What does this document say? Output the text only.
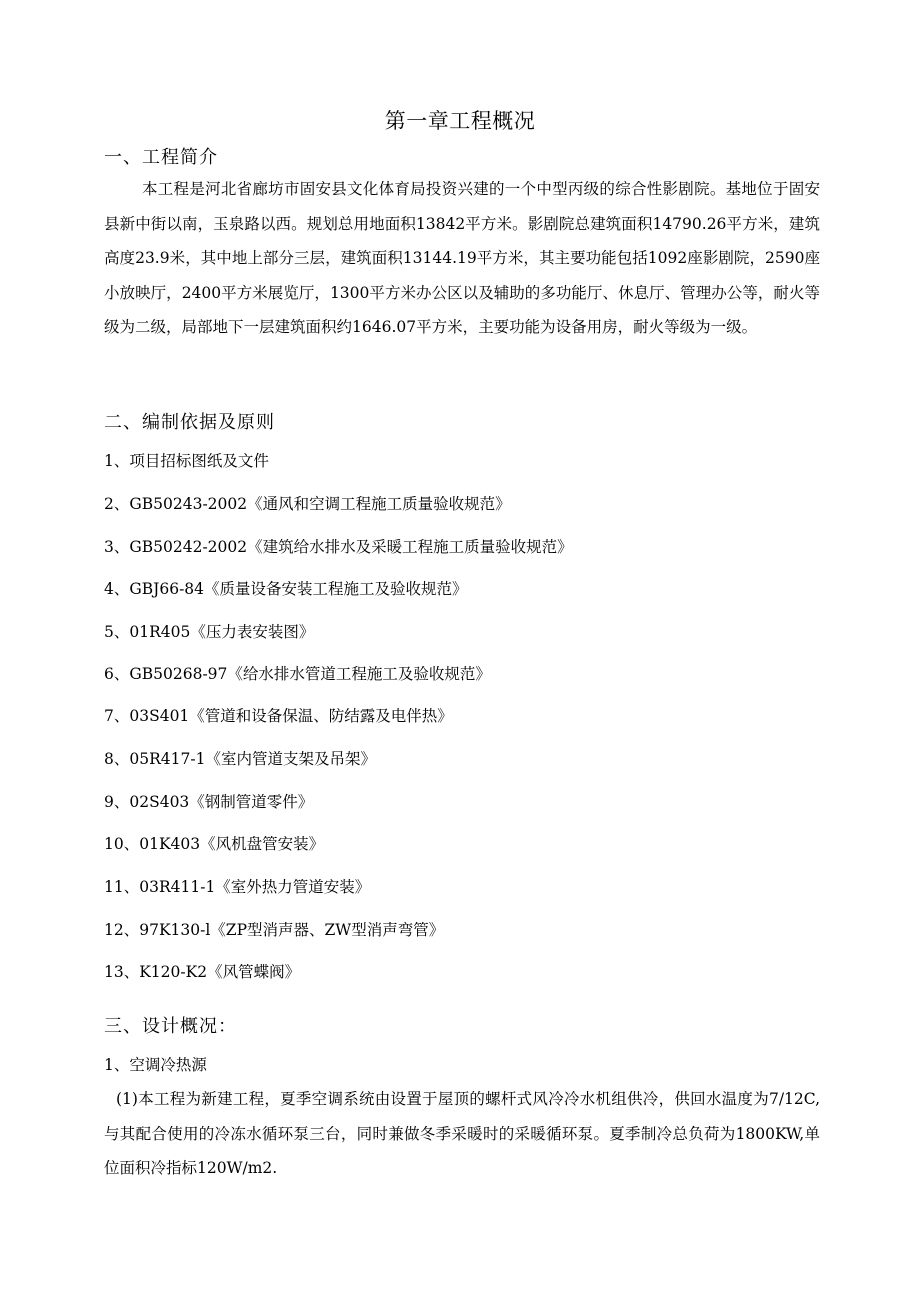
第一章工程概况
一、工程简介

本工程是河北省廊坊市固安县文化体育局投资兴建的一个中型丙级的综合性影剧院。基地位于固安县新中街以南，玉泉路以西。规划总用地面积13842平方米。影剧院总建筑面积14790.26平方米，建筑高度23.9米，其中地上部分三层，建筑面积13144.19平方米，其主要功能包括1092座影剧院，2590座小放映厅，2400平方米展览厅，1300平方米办公区以及辅助的多功能厅、休息厅、管理办公等，耐火等级为二级，局部地下一层建筑面积约1646.07平方米，主要功能为设备用房，耐火等级为一级。

二、编制依据及原则
1、项目招标图纸及文件
2、GB50243-2002《通风和空调工程施工质量验收规范》
3、GB50242-2002《建筑给水排水及采暖工程施工质量验收规范》
4、GBJ66-84《质量设备安装工程施工及验收规范》
5、01R405《压力表安装图》
6、GB50268-97《给水排水管道工程施工及验收规范》
7、03S401《管道和设备保温、防结露及电伴热》
8、05R417-1《室内管道支架及吊架》
9、02S403《钢制管道零件》
10、01K403《风机盘管安装》
11、03R411-1《室外热力管道安装》
12、97K130-l《ZP型消声器、ZW型消声弯管》
13、K120-K2《风管蝶阀》
三、设计概况：
1、空调冷热源

(1)本工程为新建工程，夏季空调系统由设置于屋顶的螺杆式风冷冷水机组供冷，供回水温度为7/12C,与其配合使用的冷冻水循环泵三台，同时兼做冬季采暖时的采暖循环泵。夏季制冷总负荷为1800KW,单位面积冷指标120W/m2.
